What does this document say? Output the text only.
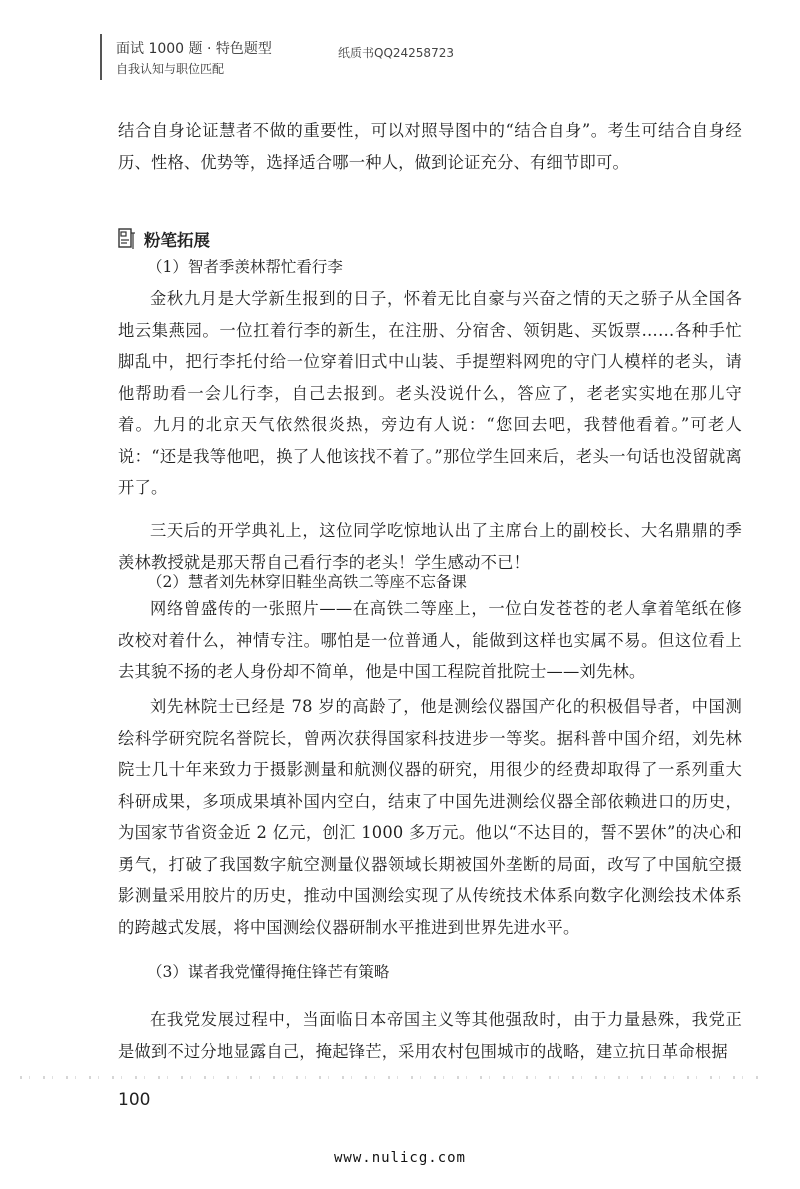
面试 1000 题 · 特色题型
自我认知与职位匹配
纸质书QQ24258723

结合自身论证慧者不做的重要性，可以对照导图中的“结合自身”。考生可结合自身经历、性格、优势等，选择适合哪一种人，做到论证充分、有细节即可。

粉笔拓展

（1）智者季羡林帮忙看行李

金秋九月是大学新生报到的日子，怀着无比自豪与兴奋之情的天之骄子从全国各地云集燕园。一位扛着行李的新生，在注册、分宿舍、领钥匙、买饭票……各种手忙脚乱中，把行李托付给一位穿着旧式中山装、手提塑料网兜的守门人模样的老头，请他帮助看一会儿行李，自己去报到。老头没说什么，答应了，老老实实地在那儿守着。九月的北京天气依然很炎热，旁边有人说：“您回去吧，我替他看着。”可老人说：“还是我等他吧，换了人他该找不着了。”那位学生回来后，老头一句话也没留就离开了。

三天后的开学典礼上，这位同学吃惊地认出了主席台上的副校长、大名鼎鼎的季羡林教授就是那天帮自己看行李的老头！学生感动不已！

（2）慧者刘先林穿旧鞋坐高铁二等座不忘备课

网络曾盛传的一张照片——在高铁二等座上，一位白发苍苍的老人拿着笔纸在修改校对着什么，神情专注。哪怕是一位普通人，能做到这样也实属不易。但这位看上去其貌不扬的老人身份却不简单，他是中国工程院首批院士——刘先林。

刘先林院士已经是 78 岁的高龄了，他是测绘仪器国产化的积极倡导者，中国测绘科学研究院名誉院长，曾两次获得国家科技进步一等奖。据科普中国介绍，刘先林院士几十年来致力于摄影测量和航测仪器的研究，用很少的经费却取得了一系列重大科研成果，多项成果填补国内空白，结束了中国先进测绘仪器全部依赖进口的历史，为国家节省资金近 2 亿元，创汇 1000 多万元。他以“不达目的，誓不罢休”的决心和勇气，打破了我国数字航空测量仪器领域长期被国外垄断的局面，改写了中国航空摄影测量采用胶片的历史，推动中国测绘实现了从传统技术体系向数字化测绘技术体系的跨越式发展，将中国测绘仪器研制水平推进到世界先进水平。

（3）谋者我党懂得掩住锋芒有策略

在我党发展过程中，当面临日本帝国主义等其他强敌时，由于力量悬殊，我党正是做到不过分地显露自己，掩起锋芒，采用农村包围城市的战略，建立抗日革命根据

100
www.nulicg.com
